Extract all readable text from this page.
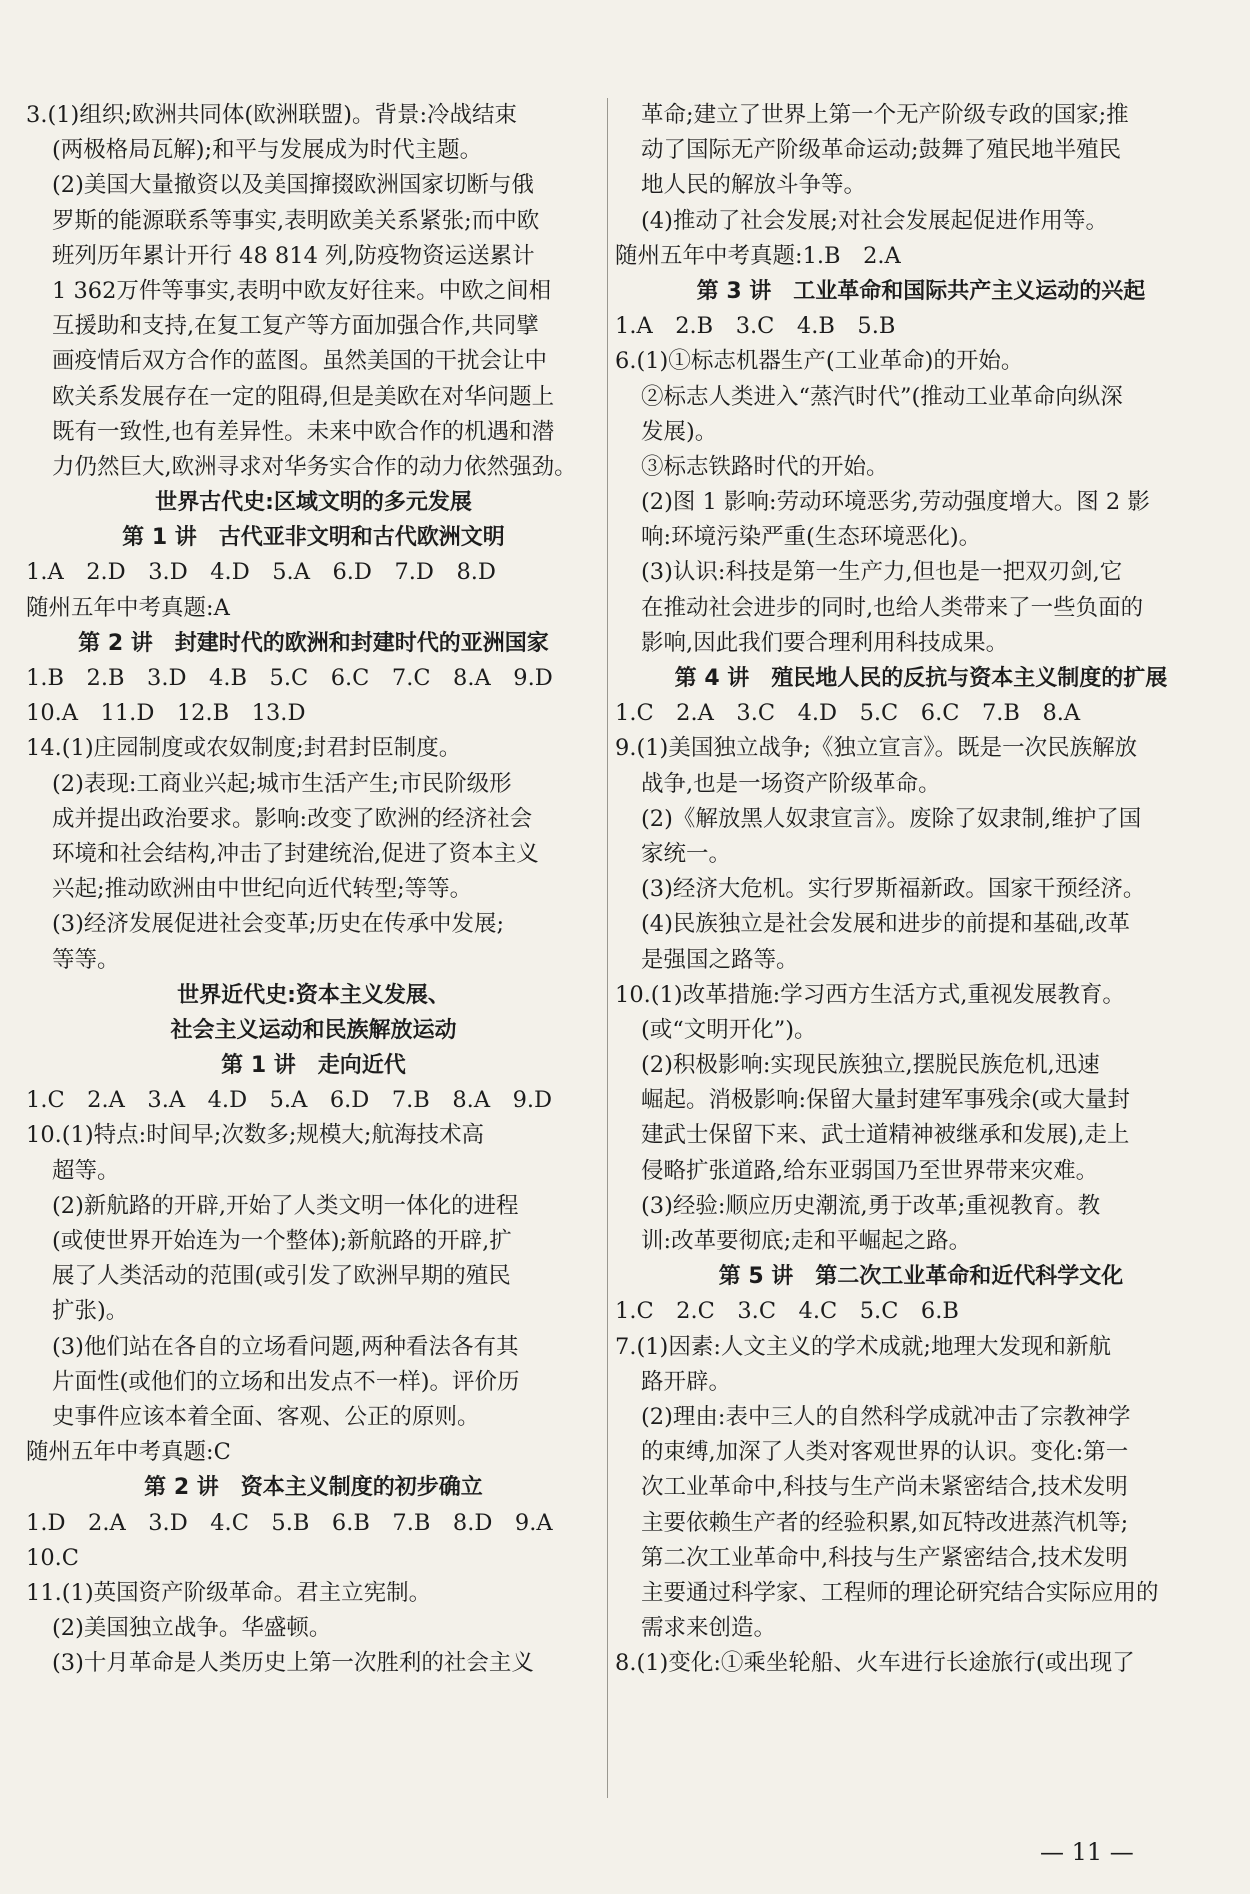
3.(1)组织;欧洲共同体(欧洲联盟)。背景:冷战结束
(两极格局瓦解);和平与发展成为时代主题。
(2)美国大量撤资以及美国撺掇欧洲国家切断与俄
罗斯的能源联系等事实,表明欧美关系紧张;而中欧
班列历年累计开行 48 814 列,防疫物资运送累计
1 362万件等事实,表明中欧友好往来。中欧之间相
互援助和支持,在复工复产等方面加强合作,共同擘
画疫情后双方合作的蓝图。虽然美国的干扰会让中
欧关系发展存在一定的阻碍,但是美欧在对华问题上
既有一致性,也有差异性。未来中欧合作的机遇和潜
力仍然巨大,欧洲寻求对华务实合作的动力依然强劲。
世界古代史:区域文明的多元发展
第 1 讲　古代亚非文明和古代欧洲文明
1.A　2.D　3.D　4.D　5.A　6.D　7.D　8.D
随州五年中考真题:A
第 2 讲　封建时代的欧洲和封建时代的亚洲国家
1.B　2.B　3.D　4.B　5.C　6.C　7.C　8.A　9.D
10.A　11.D　12.B　13.D
14.(1)庄园制度或农奴制度;封君封臣制度。
(2)表现:工商业兴起;城市生活产生;市民阶级形
成并提出政治要求。影响:改变了欧洲的经济社会
环境和社会结构,冲击了封建统治,促进了资本主义
兴起;推动欧洲由中世纪向近代转型;等等。
(3)经济发展促进社会变革;历史在传承中发展;
等等。
世界近代史:资本主义发展、
社会主义运动和民族解放运动
第 1 讲　走向近代
1.C　2.A　3.A　4.D　5.A　6.D　7.B　8.A　9.D
10.(1)特点:时间早;次数多;规模大;航海技术高
超等。
(2)新航路的开辟,开始了人类文明一体化的进程
(或使世界开始连为一个整体);新航路的开辟,扩
展了人类活动的范围(或引发了欧洲早期的殖民
扩张)。
(3)他们站在各自的立场看问题,两种看法各有其
片面性(或他们的立场和出发点不一样)。评价历
史事件应该本着全面、客观、公正的原则。
随州五年中考真题:C
第 2 讲　资本主义制度的初步确立
1.D　2.A　3.D　4.C　5.B　6.B　7.B　8.D　9.A
10.C
11.(1)英国资产阶级革命。君主立宪制。
(2)美国独立战争。华盛顿。
(3)十月革命是人类历史上第一次胜利的社会主义
革命;建立了世界上第一个无产阶级专政的国家;推
动了国际无产阶级革命运动;鼓舞了殖民地半殖民
地人民的解放斗争等。
(4)推动了社会发展;对社会发展起促进作用等。
随州五年中考真题:1.B　2.A
第 3 讲　工业革命和国际共产主义运动的兴起
1.A　2.B　3.C　4.B　5.B
6.(1)①标志机器生产(工业革命)的开始。
②标志人类进入“蒸汽时代”(推动工业革命向纵深
发展)。
③标志铁路时代的开始。
(2)图 1 影响:劳动环境恶劣,劳动强度增大。图 2 影
响:环境污染严重(生态环境恶化)。
(3)认识:科技是第一生产力,但也是一把双刃剑,它
在推动社会进步的同时,也给人类带来了一些负面的
影响,因此我们要合理利用科技成果。
第 4 讲　殖民地人民的反抗与资本主义制度的扩展
1.C　2.A　3.C　4.D　5.C　6.C　7.B　8.A
9.(1)美国独立战争;《独立宣言》。既是一次民族解放
战争,也是一场资产阶级革命。
(2)《解放黑人奴隶宣言》。废除了奴隶制,维护了国
家统一。
(3)经济大危机。实行罗斯福新政。国家干预经济。
(4)民族独立是社会发展和进步的前提和基础,改革
是强国之路等。
10.(1)改革措施:学习西方生活方式,重视发展教育。
(或“文明开化”)。
(2)积极影响:实现民族独立,摆脱民族危机,迅速
崛起。消极影响:保留大量封建军事残余(或大量封
建武士保留下来、武士道精神被继承和发展),走上
侵略扩张道路,给东亚弱国乃至世界带来灾难。
(3)经验:顺应历史潮流,勇于改革;重视教育。教
训:改革要彻底;走和平崛起之路。
第 5 讲　第二次工业革命和近代科学文化
1.C　2.C　3.C　4.C　5.C　6.B
7.(1)因素:人文主义的学术成就;地理大发现和新航
路开辟。
(2)理由:表中三人的自然科学成就冲击了宗教神学
的束缚,加深了人类对客观世界的认识。变化:第一
次工业革命中,科技与生产尚未紧密结合,技术发明
主要依赖生产者的经验积累,如瓦特改进蒸汽机等;
第二次工业革命中,科技与生产紧密结合,技术发明
主要通过科学家、工程师的理论研究结合实际应用的
需求来创造。
8.(1)变化:①乘坐轮船、火车进行长途旅行(或出现了
— 11 —
